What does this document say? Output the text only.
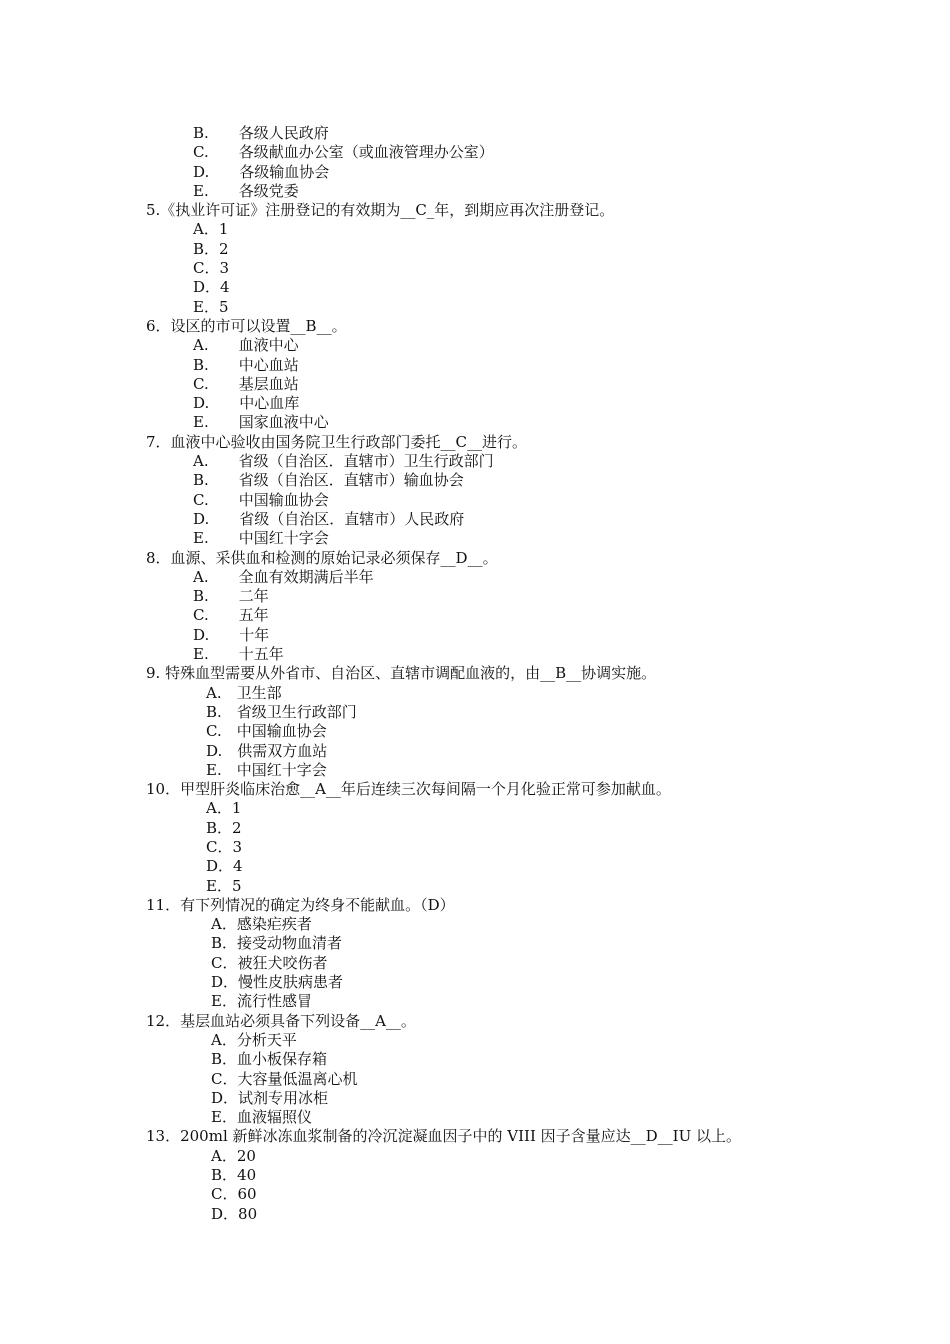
B.　　各级人民政府
C.　　各级献血办公室（或血液管理办公室）
D.　　各级输血协会
E.　　各级党委
5.《执业许可证》注册登记的有效期为__C_年，到期应再次注册登记。
A．1
B．2
C．3
D．4
E．5
6．设区的市可以设置__B__。
A.　　血液中心
B.　　中心血站
C.　　基层血站
D.　　中心血库
E.　　国家血液中心
7．血液中心验收由国务院卫生行政部门委托__C__进行。
A.　　省级（自治区．直辖市）卫生行政部门
B.　　省级（自治区．直辖市）输血协会
C.　　中国输血协会
D.　　省级（自治区．直辖市）人民政府
E.　　中国红十字会
8．血源、采供血和检测的原始记录必须保存__D__。
A.　　全血有效期满后半年
B.　　二年
C.　　五年
D.　　十年
E.　　十五年
9. 特殊血型需要从外省市、自治区、直辖市调配血液的，由__B__协调实施。
A.　卫生部
B.　省级卫生行政部门
C.　中国输血协会
D.　供需双方血站
E.　中国红十字会
10．甲型肝炎临床治愈__A__年后连续三次每间隔一个月化验正常可参加献血。
A．1
B．2
C．3
D．4
E．5
11．有下列情况的确定为终身不能献血。（D）
A．感染疟疾者
B．接受动物血清者
C．被狂犬咬伤者
D．慢性皮肤病患者
E．流行性感冒
12．基层血站必须具备下列设备__A__。
A．分析天平
B．血小板保存箱
C．大容量低温离心机
D．试剂专用冰柜
E．血液辐照仪
13．200ml 新鲜冰冻血浆制备的冷沉淀凝血因子中的 VIII 因子含量应达__D__IU 以上。
A．20
B．40
C．60
D．80
